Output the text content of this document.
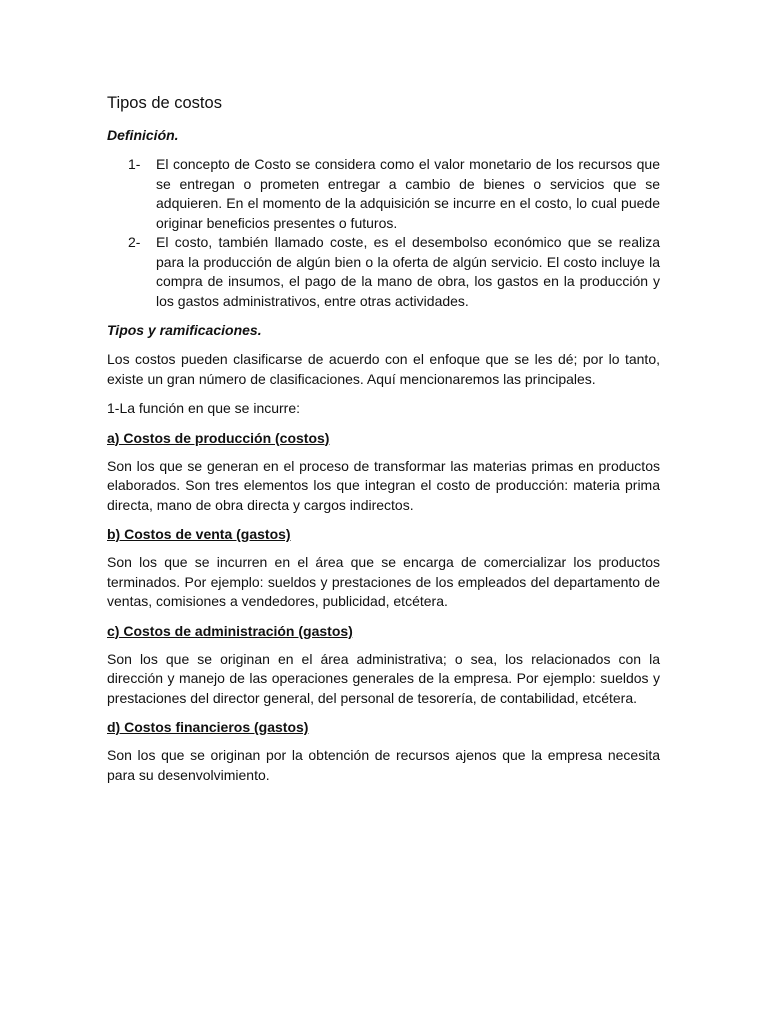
Tipos de costos
Definición.
1-	El concepto de Costo se considera como el valor monetario de los recursos que se entregan o prometen entregar a cambio de bienes o servicios que se adquieren. En el momento de la adquisición se incurre en el costo, lo cual puede originar beneficios presentes o futuros.
2-	El costo, también llamado coste, es el desembolso económico que se realiza para la producción de algún bien o la oferta de algún servicio. El costo incluye la compra de insumos, el pago de la mano de obra, los gastos en la producción y los gastos administrativos, entre otras actividades.
Tipos y ramificaciones.
Los costos pueden clasificarse de acuerdo con el enfoque que se les dé; por lo tanto, existe un gran número de clasificaciones. Aquí mencionaremos las principales.
1-La función en que se incurre:
a) Costos de producción (costos)
Son los que se generan en el proceso de transformar las materias primas en productos elaborados. Son tres elementos los que integran el costo de producción: materia prima directa, mano de obra directa y cargos indirectos.
b) Costos de venta (gastos)
Son los que se incurren en el área que se encarga de comercializar los productos terminados. Por ejemplo: sueldos y prestaciones de los empleados del departamento de ventas, comisiones a vendedores, publicidad, etcétera.
c) Costos de administración (gastos)
Son los que se originan en el área administrativa; o sea, los relacionados con la dirección y manejo de las operaciones generales de la empresa. Por ejemplo: sueldos y prestaciones del director general, del personal de tesorería, de contabilidad, etcétera.
d) Costos financieros (gastos)
Son los que se originan por la obtención de recursos ajenos que la empresa necesita para su desenvolvimiento.
